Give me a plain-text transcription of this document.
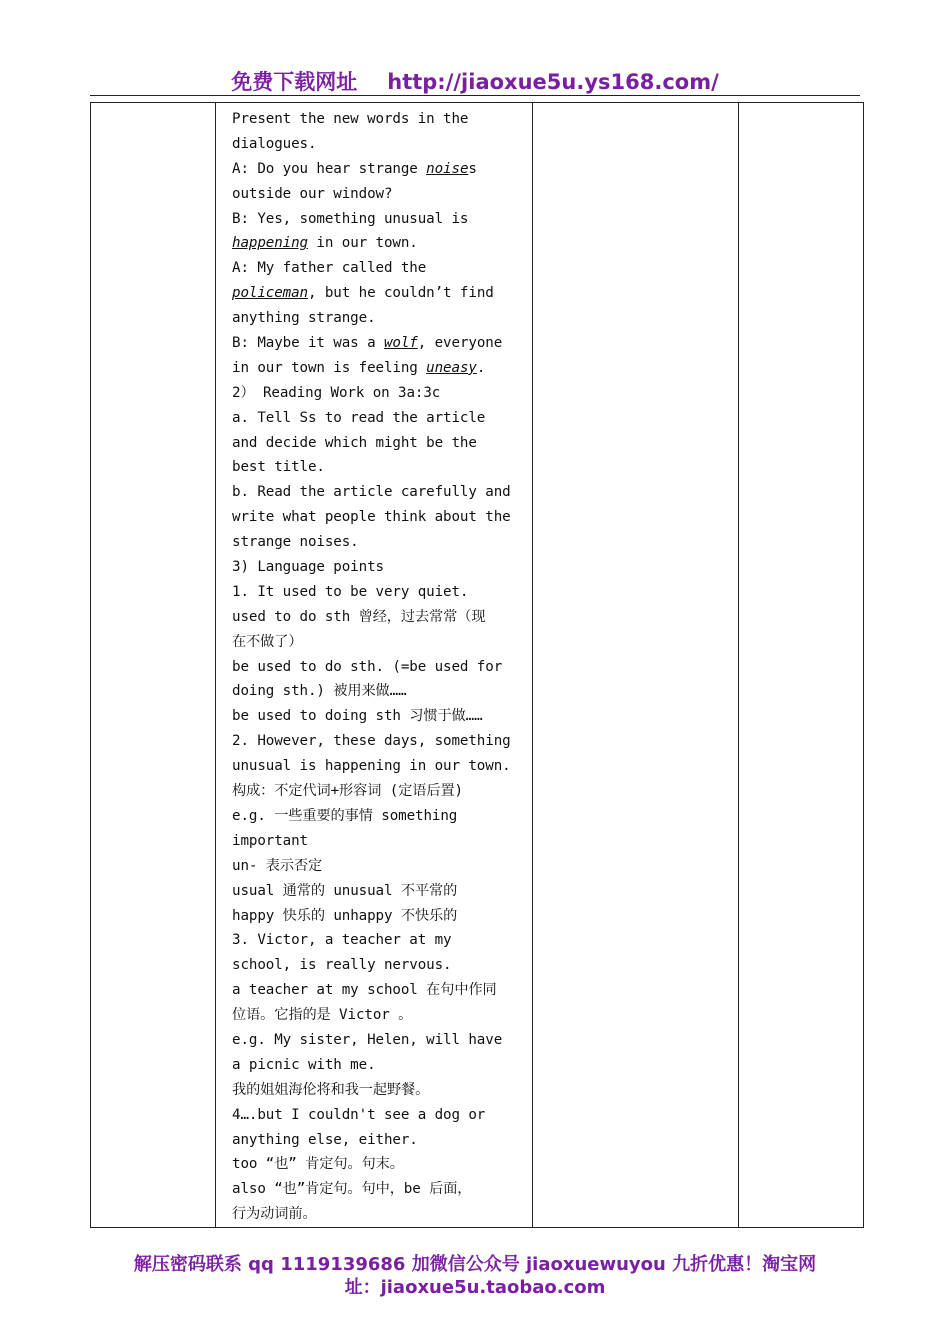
免费下载网址 http://jiaoxue5u.ys168.com/

Present the new words in the
dialogues.
A: Do you hear strange noises
outside our window?
B: Yes, something unusual is
happening in our town.
A: My father called the
policeman, but he couldn’t find
anything strange.
B: Maybe it was a wolf, everyone
in our town is feeling uneasy.
2） Reading Work on 3a:3c
a. Tell Ss to read the article
and decide which might be the
best title.
b. Read the article carefully and
write what people think about the
strange noises.
3) Language points
1. It used to be very quiet.
used to do sth 曾经，过去常常（现
在不做了）
be used to do sth. (=be used for
doing sth.) 被用来做……
be used to doing sth 习惯于做……
2. However, these days, something
unusual is happening in our town.
构成：不定代词+形容词 (定语后置)
e.g. 一些重要的事情 something
important
un- 表示否定
usual 通常的 unusual 不平常的
happy 快乐的 unhappy 不快乐的
3. Victor, a teacher at my
school, is really nervous.
a teacher at my school 在句中作同
位语。它指的是 Victor 。
e.g. My sister, Helen, will have
a picnic with me.
我的姐姐海伦将和我一起野餐。
4….but I couldn't see a dog or
anything else, either.
too “也” 肯定句。句末。
also “也”肯定句。句中，be 后面，
行为动词前。

解压密码联系 qq 1119139686 加微信公众号 jiaoxuewuyou 九折优惠！淘宝网
址：jiaoxue5u.taobao.com
